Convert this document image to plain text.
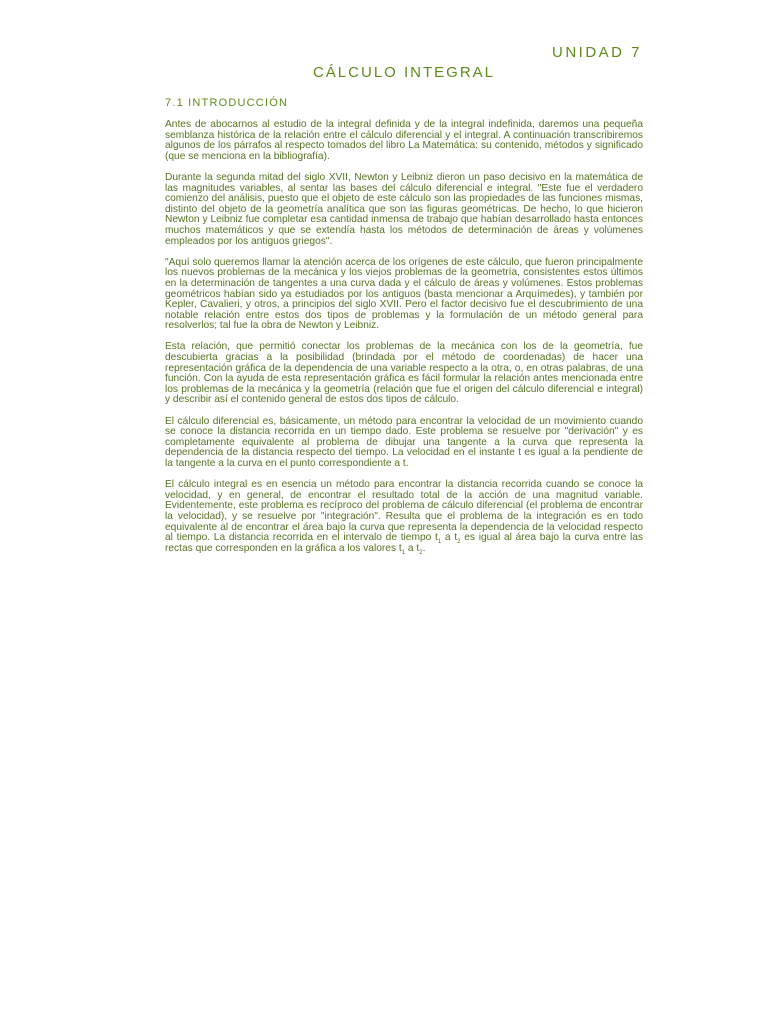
UNIDAD 7
CÁLCULO INTEGRAL
7.1 INTRODUCCIÓN

Antes de abocarnos al estudio de la integral definida y de la integral indefinida, daremos una pequeña semblanza histórica de la relación entre el cálculo diferencial y el integral. A continuación transcribiremos algunos de los párrafos al respecto tomados del libro La Matemática: su contenido, métodos y significado (que se menciona en la bibliografía).

Durante la segunda mitad del siglo XVII, Newton y Leibniz dieron un paso decisivo en la matemática de las magnitudes variables, al sentar las bases del cálculo diferencial e integral. "Este fue el verdadero comienzo del análisis, puesto que el objeto de este cálculo son las propiedades de las funciones mismas, distinto del objeto de la geometría analítica que son las figuras geométricas. De hecho, lo que hicieron Newton y Leibniz fue completar esa cantidad inmensa de trabajo que habían desarrollado hasta entonces muchos matemáticos y que se extendía hasta los métodos de determinación de áreas y volúmenes empleados por los antiguos griegos".

"Aquí solo queremos llamar la atención acerca de los orígenes de este cálculo, que fueron principalmente los nuevos problemas de la mecánica y los viejos problemas de la geometría, consistentes estos últimos en la determinación de tangentes a una curva dada y el cálculo de áreas y volúmenes. Estos problemas geométricos habían sido ya estudiados por los antiguos (basta mencionar a Arquímedes), y también por Kepler, Cavalieri, y otros, a principios del siglo XVII. Pero el factor decisivo fue el descubrimiento de una notable relación entre estos dos tipos de problemas y la formulación de un método general para resolverlos; tal fue la obra de Newton y Leibniz.

Esta relación, que permitió conectar los problemas de la mecánica con los de la geometría, fue descubierta gracias a la posibilidad (brindada por el método de coordenadas) de hacer una representación gráfica de la dependencia de una variable respecto a la otra, o, en otras palabras, de una función. Con la ayuda de esta representación gráfica es fácil formular la relación antes mencionada entre los problemas de la mecánica y la geometría (relación que fue el origen del cálculo diferencial e integral) y describir así el contenido general de estos dos tipos de cálculo.

El cálculo diferencial es, básicamente, un método para encontrar la velocidad de un movimiento cuando se conoce la distancia recorrida en un tiempo dado. Este problema se resuelve por "derivación" y es completamente equivalente al problema de dibujar una tangente a la curva que representa la dependencia de la distancia respecto del tiempo. La velocidad en el instante t es igual a la pendiente de la tangente a la curva en el punto correspondiente a t.

El cálculo integral es en esencia un método para encontrar la distancia recorrida cuando se conoce la velocidad, y en general, de encontrar el resultado total de la acción de una magnitud variable. Evidentemente, este problema es recíproco del problema de cálculo diferencial (el problema de encontrar la velocidad), y se resuelve por "integración". Resulta que el problema de la integración es en todo equivalente al de encontrar el área bajo la curva que representa la dependencia de la velocidad respecto al tiempo. La distancia recorrida en el intervalo de tiempo $t_1$ a $t_2$ es igual al área bajo la curva entre las rectas que corresponden en la gráfica a los valores $t_1$ a $t_2$.
